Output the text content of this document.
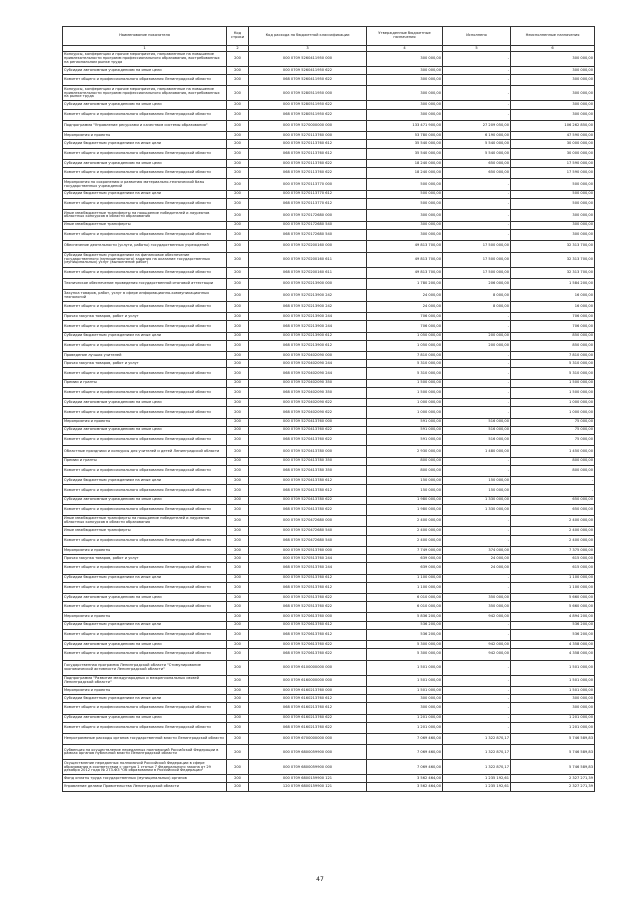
Наименование показателя	Код строки	Код расхода по бюджетной классификации	Утвержденные бюджетные назначения	Исполнено	Неисполненные назначения
1	2	3	4	5	6
Конкурсы, конференции и прочие мероприятия, направленные на повышение привлекательности программ профессионального образования, востребованных на региональном рынке труда	200	000 0709 5260411950 000	300 000,00	-	300 000,00
Субсидии автономным учреждениям на иные цели	200	000 0709 5260411950 622	300 000,00	-	300 000,00
Комитет общего и профессионального образования Ленинградской области	200	068 0709 5260411950 622	300 000,00	-	300 000,00
Конкурсы, конференции и прочие мероприятия, направленные на повышение привлекательности программ профессионального образования, востребованных на рынке труда	200	000 0709 5280511950 000	300 000,00	-	300 000,00
Субсидии автономным учреждениям на иные цели	200	000 0709 5280511950 622	300 000,00	-	300 000,00
Комитет общего и профессионального образования Ленинградской области	200	068 0709 5280511950 622	300 000,00	-	300 000,00
Подпрограмма "Управление ресурсами и качеством системы образования"	200	000 0709 5270000000 000	133 471 900,00	27 209 050,00	106 262 850,00
Мероприятия и проекты	200	000 0709 5270113760 000	53 780 000,00	6 190 000,00	47 590 000,00
Субсидии бюджетным учреждениям на иные цели	200	000 0709 5270113760 612	35 540 000,00	5 540 000,00	30 000 000,00
Комитет общего и профессионального образования Ленинградской области	200	068 0709 5270113760 612	35 540 000,00	5 540 000,00	30 000 000,00
Субсидии автономным учреждениям на иные цели	200	000 0709 5270113760 622	18 240 000,00	650 000,00	17 590 000,00
Комитет общего и профессионального образования Ленинградской области	200	068 0709 5270113760 622	18 240 000,00	650 000,00	17 590 000,00
Мероприятия по сохранению и развитию материально-технической базы государственных учреждений	200	000 0709 5270113770 000	500 000,00	-	500 000,00
Субсидии бюджетным учреждениям на иные цели	200	000 0709 5270113770 612	500 000,00	-	500 000,00
Комитет общего и профессионального образования Ленинградской области	200	068 0709 5270113770 612	500 000,00	-	500 000,00
Иные межбюджетные трансферты на поощрение победителей и лауреатов областных конкурсов в области образования	200	000 0709 5270172680 000	300 000,00	-	300 000,00
Иные межбюджетные трансферты	200	000 0709 5270172680 540	300 000,00	-	300 000,00
Комитет общего и профессионального образования Ленинградской области	200	068 0709 5270172680 540	300 000,00	-	300 000,00
Обеспечение деятельности (услуги, работы) государственных учреждений	200	000 0709 5270200160 000	49 813 700,00	17 500 000,00	32 313 700,00
Субсидии бюджетным учреждениям на финансовое обеспечение государственного (муниципального) задания на оказание государственных (муниципальных) услуг (выполнение работ)	200	000 0709 5270200160 611	49 813 700,00	17 500 000,00	32 313 700,00
Комитет общего и профессионального образования Ленинградской области	200	068 0709 5270200160 611	49 813 700,00	17 500 000,00	32 313 700,00
Техническое обеспечение проведения государственной итоговой аттестации	200	000 0709 5270213900 000	1 780 200,00	206 000,00	1 584 200,00
Закупка товаров, работ, услуг в сфере информационно-коммуникационных технологий	200	000 0709 5270213900 242	24 000,00	8 000,00	16 000,00
Комитет общего и профессионального образования Ленинградской области	200	068 0709 5270213900 242	24 000,00	8 000,00	16 000,00
Прочая закупка товаров, работ и услуг	200	000 0709 5270213900 244	706 000,00	-	706 000,00
Комитет общего и профессионального образования Ленинградской области	200	068 0709 5270213900 244	706 000,00	-	706 000,00
Субсидии бюджетным учреждениям на иные цели	200	000 0709 5270213900 612	1 050 000,00	200 000,00	850 000,00
Комитет общего и профессионального образования Ленинградской области	200	068 0709 5270213900 612	1 050 000,00	200 000,00	850 000,00
Проведение лучших учителей	200	000 0709 5270402090 000	7 810 000,00	-	7 810 000,00
Прочая закупка товаров, работ и услуг	200	000 0709 5270402090 244	5 310 000,00	-	5 310 000,00
Комитет общего и профессионального образования Ленинградской области	200	068 0709 5270402090 244	5 310 000,00	-	5 310 000,00
Премии и гранты	200	000 0709 5270402090 350	1 500 000,00	-	1 500 000,00
Комитет общего и профессионального образования Ленинградской области	200	068 0709 5270402090 350	1 500 000,00	-	1 500 000,00
Субсидии автономным учреждениям на иные цели	200	000 0709 5270402090 622	1 000 000,00	-	1 000 000,00
Комитет общего и профессионального образования Ленинградской области	200	068 0709 5270402090 622	1 000 000,00	-	1 000 000,00
Мероприятия и проекты	200	000 0709 5270413760 000	591 000,00	516 000,00	75 000,00
Субсидии автономным учреждениям на иные цели	200	000 0709 5270413760 622	591 000,00	516 000,00	75 000,00
Комитет общего и профессионального образования Ленинградской области	200	068 0709 5270413760 622	591 000,00	516 000,00	75 000,00
Областные праздники и конкурсы для учителей и детей Ленинградской области	200	000 0709 5270413780 000	2 930 000,00	1 480 000,00	1 450 000,00
Премии и гранты	200	000 0709 5270413780 350	800 000,00	-	800 000,00
Комитет общего и профессионального образования Ленинградской области	200	068 0709 5270413780 350	800 000,00	-	800 000,00
Субсидии бюджетным учреждениям на иные цели	200	000 0709 5270413780 612	150 000,00	150 000,00	-
Комитет общего и профессионального образования Ленинградской области	200	068 0709 5270413780 612	150 000,00	150 000,00	-
Субсидии автономным учреждениям на иные цели	200	000 0709 5270413780 622	1 980 000,00	1 330 000,00	650 000,00
Комитет общего и профессионального образования Ленинградской области	200	068 0709 5270413780 622	1 980 000,00	1 330 000,00	650 000,00
Иные межбюджетные трансферты на поощрение победителей и лауреатов областных конкурсов в области образования	200	000 0709 5270472680 000	2 400 000,00	-	2 400 000,00
Иные межбюджетные трансферты	200	000 0709 5270472680 540	2 400 000,00	-	2 400 000,00
Комитет общего и профессионального образования Ленинградской области	200	068 0709 5270472680 540	2 400 000,00	-	2 400 000,00
Мероприятия и проекты	200	000 0709 5270513760 000	7 749 000,00	374 000,00	7 375 000,00
Прочая закупка товаров, работ и услуг	200	000 0709 5270513760 244	639 000,00	24 000,00	615 000,00
Комитет общего и профессионального образования Ленинградской области	200	068 0709 5270513760 244	639 000,00	24 000,00	615 000,00
Субсидии бюджетным учреждениям на иные цели	200	000 0709 5270513760 612	1 100 000,00	-	1 100 000,00
Комитет общего и профессионального образования Ленинградской области	200	068 0709 5270513760 612	1 100 000,00	-	1 100 000,00
Субсидии автономным учреждениям на иные цели	200	000 0709 5270513760 622	6 010 000,00	350 000,00	5 660 000,00
Комитет общего и профессионального образования Ленинградской области	200	068 0709 5270513760 622	6 010 000,00	350 000,00	5 660 000,00
Мероприятия и проекты	200	000 0709 5270613760 000	5 836 200,00	942 000,00	4 894 200,00
Субсидии бюджетным учреждениям на иные цели	200	000 0709 5270613760 612	536 200,00	-	536 200,00
Комитет общего и профессионального образования Ленинградской области	200	068 0709 5270613760 612	536 200,00	-	536 200,00
Субсидии автономным учреждениям на иные цели	200	000 0709 5270613760 622	5 300 000,00	942 000,00	4 358 000,00
Комитет общего и профессионального образования Ленинградской области	200	068 0709 5270613760 622	5 300 000,00	942 000,00	4 358 000,00
Государственная программа Ленинградской области "Стимулирование экономической активности Ленинградской области"	200	000 0709 6100000000 000	1 501 000,00	-	1 501 000,00
Подпрограмма "Развитие международных и межрегиональных связей Ленинградской области"	200	000 0709 6160000000 000	1 501 000,00	-	1 501 000,00
Мероприятия и проекты	200	000 0709 6160213760 000	1 501 000,00	-	1 501 000,00
Субсидии бюджетным учреждениям на иные цели	200	000 0709 6160213760 612	300 000,00	-	300 000,00
Комитет общего и профессионального образования Ленинградской области	200	068 0709 6160213760 612	300 000,00	-	300 000,00
Субсидии автономным учреждениям на иные цели	200	000 0709 6160213760 622	1 201 000,00	-	1 201 000,00
Комитет общего и профессионального образования Ленинградской области	200	068 0709 6160213760 622	1 201 000,00	-	1 201 000,00
Непрограммные расходы органов государственной власти Ленинградской области	200	000 0709 6700000000 000	7 069 460,00	1 322 870,17	5 746 589,83
Субвенция на осуществление переданных полномочий Российской Федерации в рамках органов публичной власти Ленинградской области	200	000 0709 6800059900 000	7 069 460,00	1 322 870,17	5 746 589,83
Осуществление переданных полномочий Российской Федерации в сфере образования в соответствии с частью 1 статьи 7 Федерального закона от 29 декабря 2012 года № 273-ФЗ "Об образовании в Российской Федерации"	200	000 0709 6800059900 000	7 069 460,00	1 322 870,17	5 746 589,83
Фонд оплаты труда государственных (муниципальных) органов	200	000 0709 6800159900 121	3 562 464,00	1 235 192,61	2 327 271,39
Управление делами Правительства Ленинградской области	200	120 0709 6800159900 121	3 562 464,00	1 235 192,61	2 327 271,39
47
